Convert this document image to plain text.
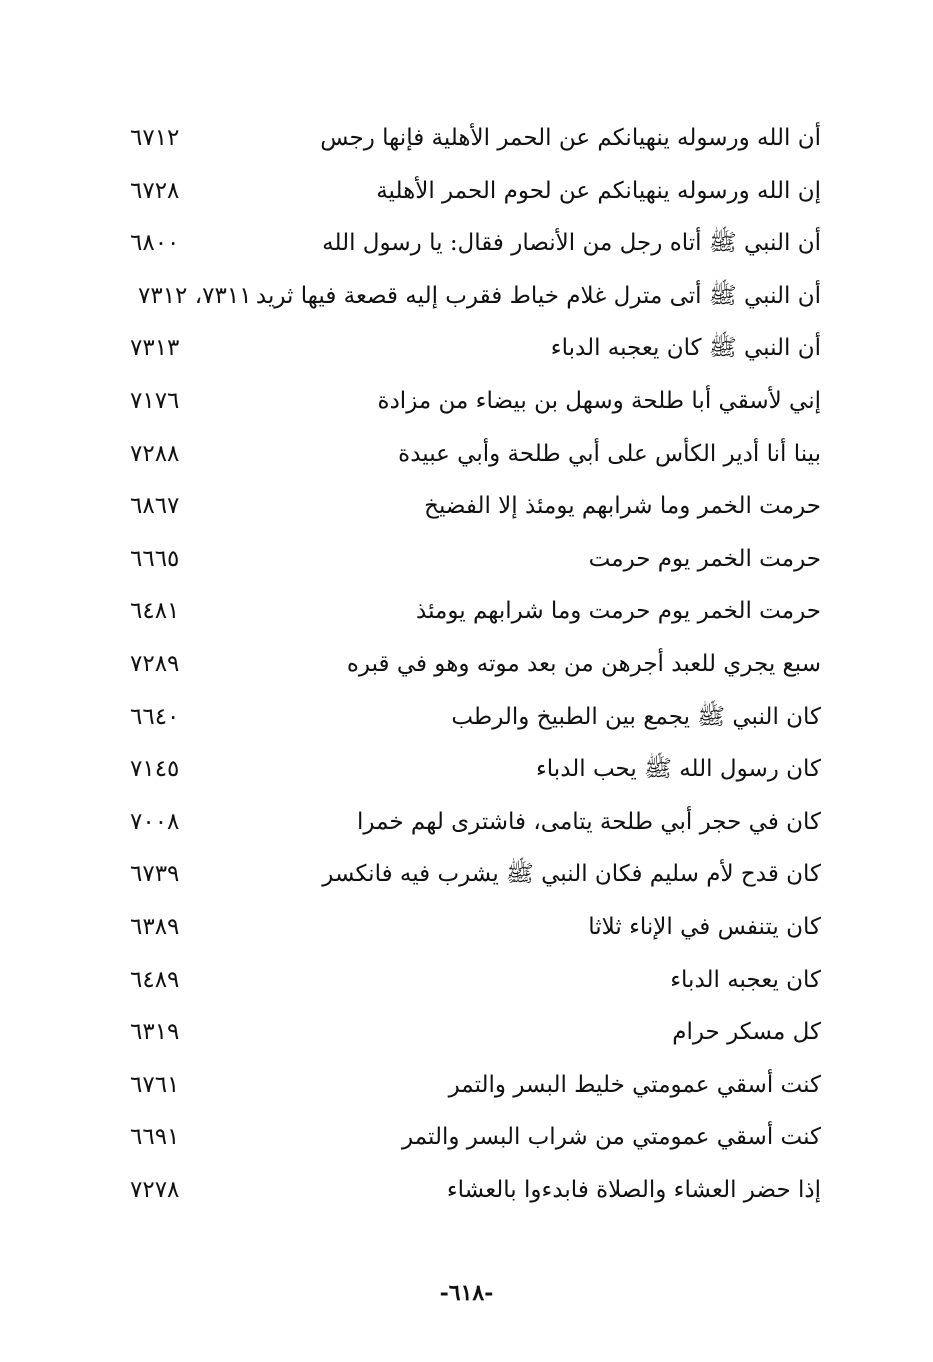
أن الله ورسوله ينهيانكم عن الحمر الأهلية فإنها رجس
٦٧١٢
إن الله ورسوله ينهيانكم عن لحوم الحمر الأهلية
٦٧٢٨
أن النبي ﷺ أتاه رجل من الأنصار فقال: يا رسول الله
٦٨٠٠
أن النبي ﷺ أتى مترل غلام خياط فقرب إليه قصعة فيها ثريد
٧٣١١، ٧٣١٢
أن النبي ﷺ كان يعجبه الدباء
٧٣١٣
إني لأسقي أبا طلحة وسهل بن بيضاء من مزادة
٧١٧٦
بينا أنا أدير الكأس على أبي طلحة وأبي عبيدة
٧٢٨٨
حرمت الخمر وما شرابهم يومئذ إلا الفضيخ
٦٨٦٧
حرمت الخمر يوم حرمت
٦٦٦٥
حرمت الخمر يوم حرمت وما شرابهم يومئذ
٦٤٨١
سبع يجري للعبد أجرهن من بعد موته وهو في قبره
٧٢٨٩
كان النبي ﷺ يجمع بين الطبيخ والرطب
٦٦٤٠
كان رسول الله ﷺ يحب الدباء
٧١٤٥
كان في حجر أبي طلحة يتامى، فاشترى لهم خمرا
٧٠٠٨
كان قدح لأم سليم فكان النبي ﷺ يشرب فيه فانكسر
٦٧٣٩
كان يتنفس في الإناء ثلاثا
٦٣٨٩
كان يعجبه الدباء
٦٤٨٩
كل مسكر حرام
٦٣١٩
كنت أسقي عمومتي خليط البسر والتمر
٦٧٦١
كنت أسقي عمومتي من شراب البسر والتمر
٦٦٩١
إذا حضر العشاء والصلاة فابدءوا بالعشاء
٧٢٧٨
-٦١٨-
